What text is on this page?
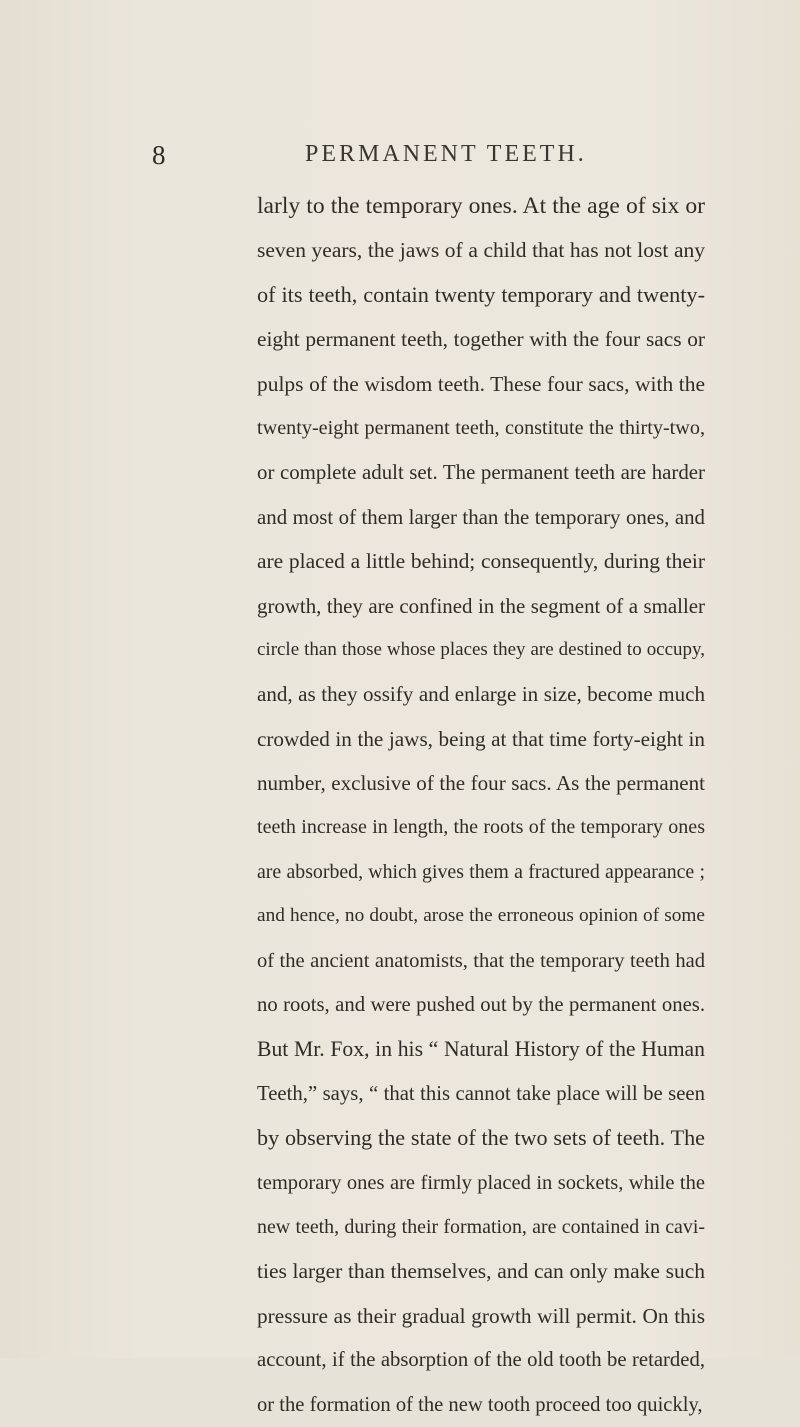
8	PERMANENT TEETH.
larly to the temporary ones. At the age of six or
seven years, the jaws of a child that has not lost any
of its teeth, contain twenty temporary and twenty-
eight permanent teeth, together with the four sacs or
pulps of the wisdom teeth. These four sacs, with the
twenty-eight permanent teeth, constitute the thirty-two,
or complete adult set. The permanent teeth are harder
and most of them larger than the temporary ones, and
are placed a little behind; consequently, during their
growth, they are confined in the segment of a smaller
circle than those whose places they are destined to occupy,
and, as they ossify and enlarge in size, become much
crowded in the jaws, being at that time forty-eight in
number, exclusive of the four sacs. As the permanent
teeth increase in length, the roots of the temporary ones
are absorbed, which gives them a fractured appearance ;
and hence, no doubt, arose the erroneous opinion of some
of the ancient anatomists, that the temporary teeth had
no roots, and were pushed out by the permanent ones.
But Mr. Fox, in his “ Natural History of the Human
Teeth,” says, “ that this cannot take place will be seen
by observing the state of the two sets of teeth. The
temporary ones are firmly placed in sockets, while the
new teeth, during their formation, are contained in cavi-
ties larger than themselves, and can only make such
pressure as their gradual growth will permit. On this
account, if the absorption of the old tooth be retarded,
or the formation of the new tooth proceed too quickly,
